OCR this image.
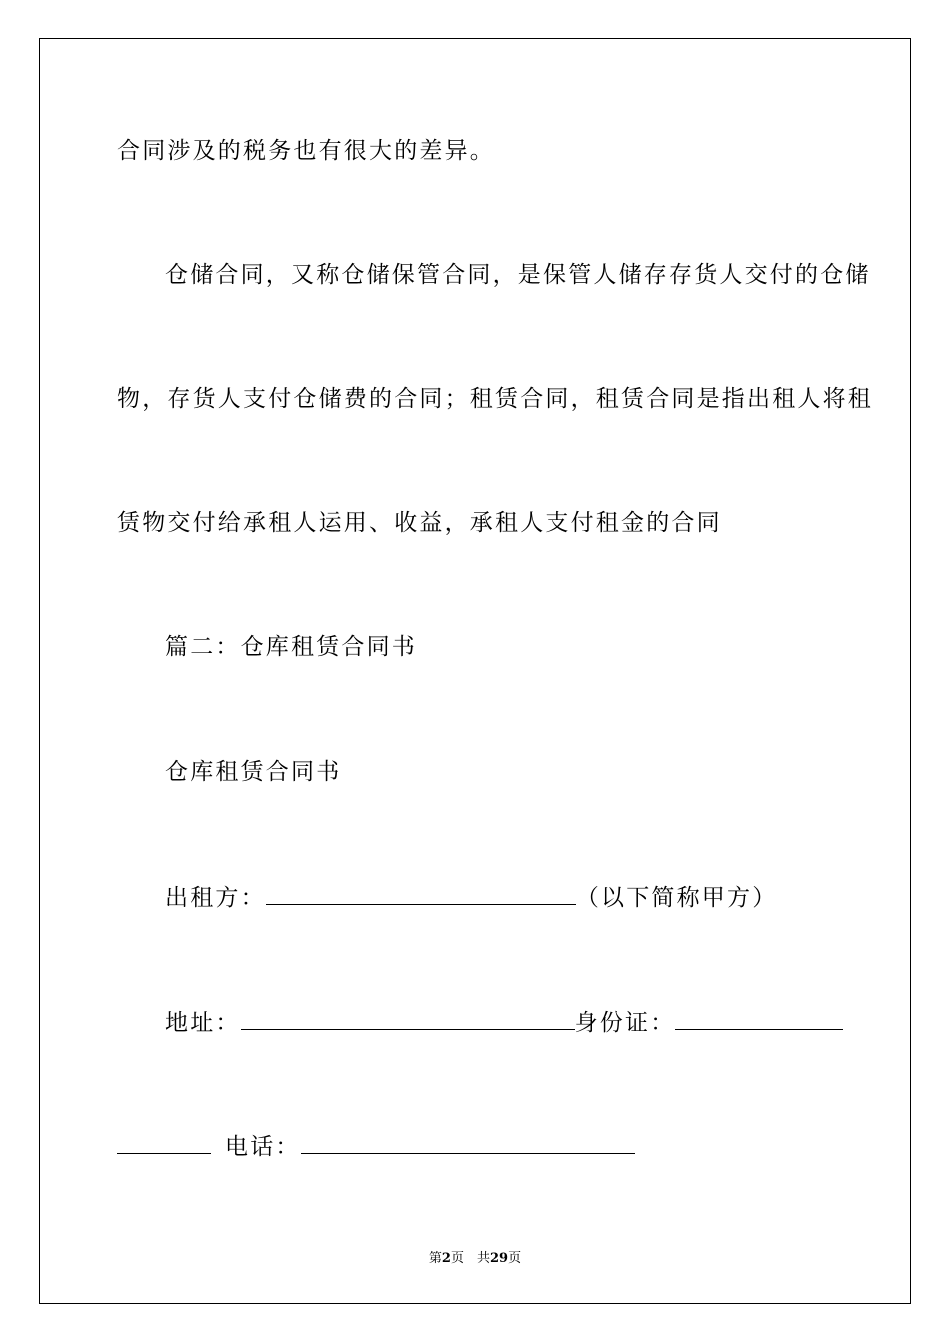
合同涉及的税务也有很大的差异。
仓储合同，又称仓储保管合同，是保管人储存存货人交付的仓储
物，存货人支付仓储费的合同；租赁合同，租赁合同是指出租人将租
赁物交付给承租人运用、收益，承租人支付租金的合同
篇二：仓库租赁合同书
仓库租赁合同书
出租方：	（以下简称甲方）
地址：	身份证：
电话：
第2页　共29页
